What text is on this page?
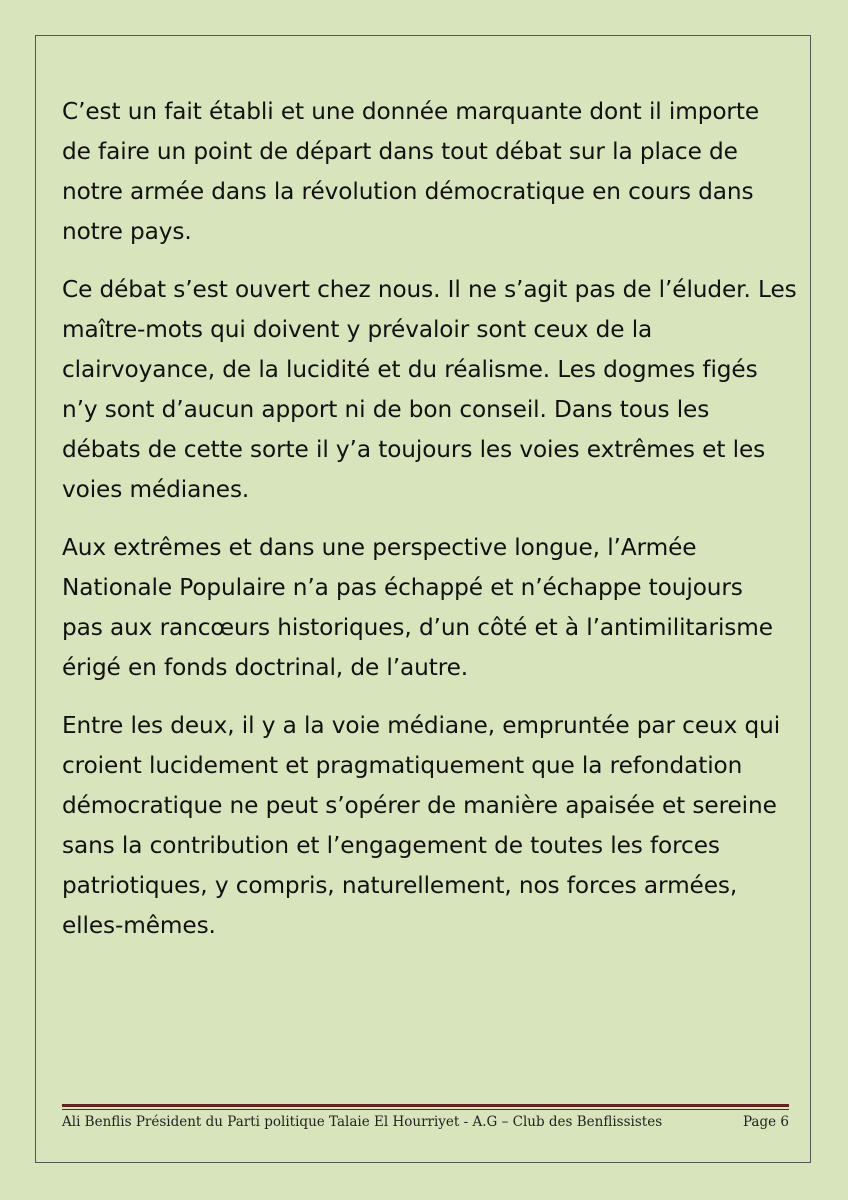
C’est un fait établi et une donnée marquante dont il importe
de faire un point de départ dans tout débat sur la place de
notre armée dans la révolution démocratique en cours dans
notre pays.

Ce débat s’est ouvert chez nous. Il ne s’agit pas de l’éluder. Les
maître-mots qui doivent y prévaloir sont ceux de la
clairvoyance, de la lucidité et du réalisme. Les dogmes figés
n’y sont d’aucun apport ni de bon conseil. Dans tous les
débats de cette sorte il y’a toujours les voies extrêmes et les
voies médianes.

Aux extrêmes et dans une perspective longue, l’Armée
Nationale Populaire n’a pas échappé et n’échappe toujours
pas aux rancœurs historiques, d’un côté et à l’antimilitarisme
érigé en fonds doctrinal, de l’autre.

Entre les deux, il y a la voie médiane, empruntée par ceux qui
croient lucidement et pragmatiquement que la refondation
démocratique ne peut s’opérer de manière apaisée et sereine
sans la contribution et l’engagement de toutes les forces
patriotiques, y compris, naturellement, nos forces armées,
elles-mêmes.

Ali Benflis Président du Parti politique Talaie El Hourriyet - A.G – Club des Benflissistes	Page 6
